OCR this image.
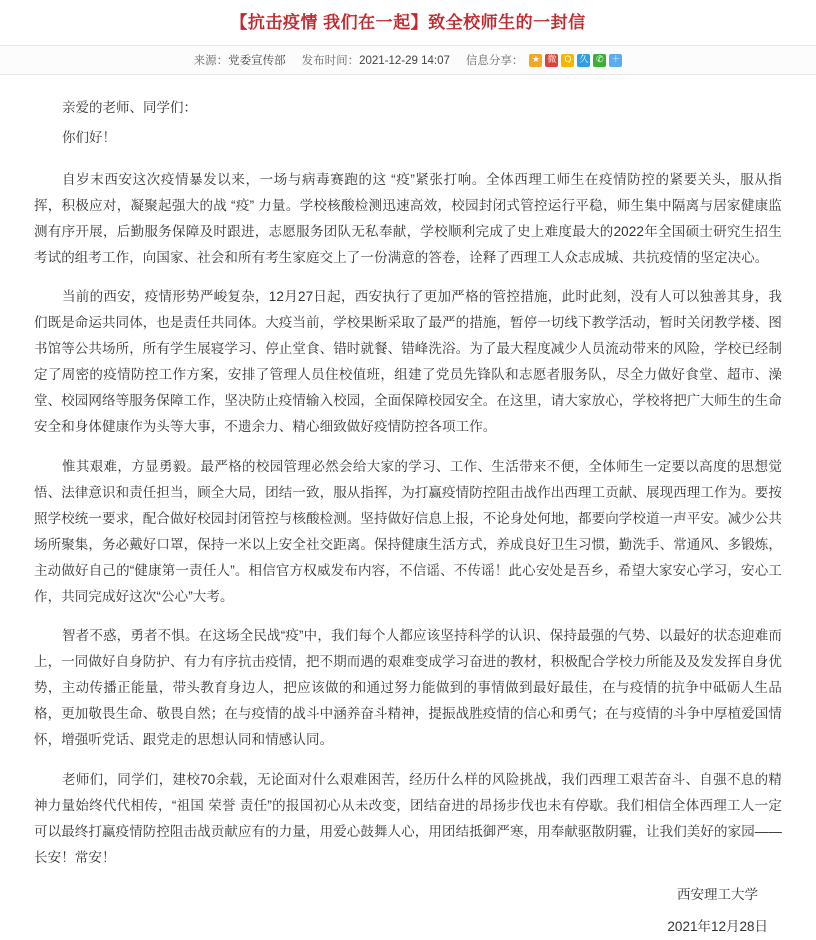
【抗击疫情 我们在一起】致全校师生的一封信
来源：党委宣传部 发布时间：2021-12-29 14:07 信息分享： ★ 微 Q 久 ✆ ＋
亲爱的老师、同学们：
你们好！

自岁末西安这次疫情暴发以来，一场与病毒赛跑的这 “疫”紧张打响。全体西理工师生在疫情防控的紧要关头，服从指挥，积极应对，凝聚起强大的战 “疫” 力量。学校核酸检测迅速高效，校园封闭式管控运行平稳，师生集中隔离与居家健康监测有序开展，后勤服务保障及时跟进，志愿服务团队无私奉献，学校顺利完成了史上难度最大的2022年全国硕士研究生招生考试的组考工作，向国家、社会和所有考生家庭交上了一份满意的答卷，诠释了西理工人众志成城、共抗疫情的坚定决心。

当前的西安，疫情形势严峻复杂，12月27日起，西安执行了更加严格的管控措施，此时此刻，没有人可以独善其身，我们既是命运共同体，也是责任共同体。大疫当前，学校果断采取了最严的措施，暂停一切线下教学活动，暂时关闭教学楼、图书馆等公共场所，所有学生展寝学习、停止堂食、错时就餐、错峰洗浴。为了最大程度减少人员流动带来的风险，学校已经制定了周密的疫情防控工作方案，安排了管理人员住校值班，组建了党员先锋队和志愿者服务队，尽全力做好食堂、超市、澡堂、校园网络等服务保障工作，坚决防止疫情输入校园，全面保障校园安全。在这里，请大家放心，学校将把广大师生的生命安全和身体健康作为头等大事，不遗余力、精心细致做好疫情防控各项工作。

惟其艰难，方显勇毅。最严格的校园管理必然会给大家的学习、工作、生活带来不便，全体师生一定要以高度的思想觉悟、法律意识和责任担当，顾全大局，团结一致，服从指挥，为打赢疫情防控阻击战作出西理工贡献、展现西理工作为。要按照学校统一要求，配合做好校园封闭管控与核酸检测。坚持做好信息上报，不论身处何地，都要向学校道一声平安。减少公共场所聚集，务必戴好口罩，保持一米以上安全社交距离。保持健康生活方式，养成良好卫生习惯，勤洗手、常通风、多锻炼，主动做好自己的“健康第一责任人”。相信官方权威发布内容，不信谣、不传谣！此心安处是吾乡，希望大家安心学习，安心工作，共同完成好这次“公心”大考。

智者不惑，勇者不惧。在这场全民战“疫”中，我们每个人都应该坚持科学的认识、保持最强的气势、以最好的状态迎难而上，一同做好自身防护、有力有序抗击疫情，把不期而遇的艰难变成学习奋进的教材，积极配合学校力所能及及发发挥自身优势，主动传播正能量，带头教育身边人，把应该做的和通过努力能做到的事情做到最好最佳，在与疫情的抗争中砥砺人生品格，更加敬畏生命、敬畏自然；在与疫情的战斗中涵养奋斗精神，提振战胜疫情的信心和勇气；在与疫情的斗争中厚植爱国情怀，增强听党话、跟党走的思想认同和情感认同。

老师们，同学们，建校70余载，无论面对什么艰难困苦，经历什么样的风险挑战，我们西理工艰苦奋斗、自强不息的精神力量始终代代相传，“祖国 荣誉 责任”的报国初心从未改变，团结奋进的昂扬步伐也未有停歇。我们相信全体西理工人一定可以最终打赢疫情防控阻击战贡献应有的力量，用爱心鼓舞人心，用团结抵御严寒，用奉献驱散阴霾，让我们美好的家园——长安！常安！

西安理工大学
2021年12月28日
